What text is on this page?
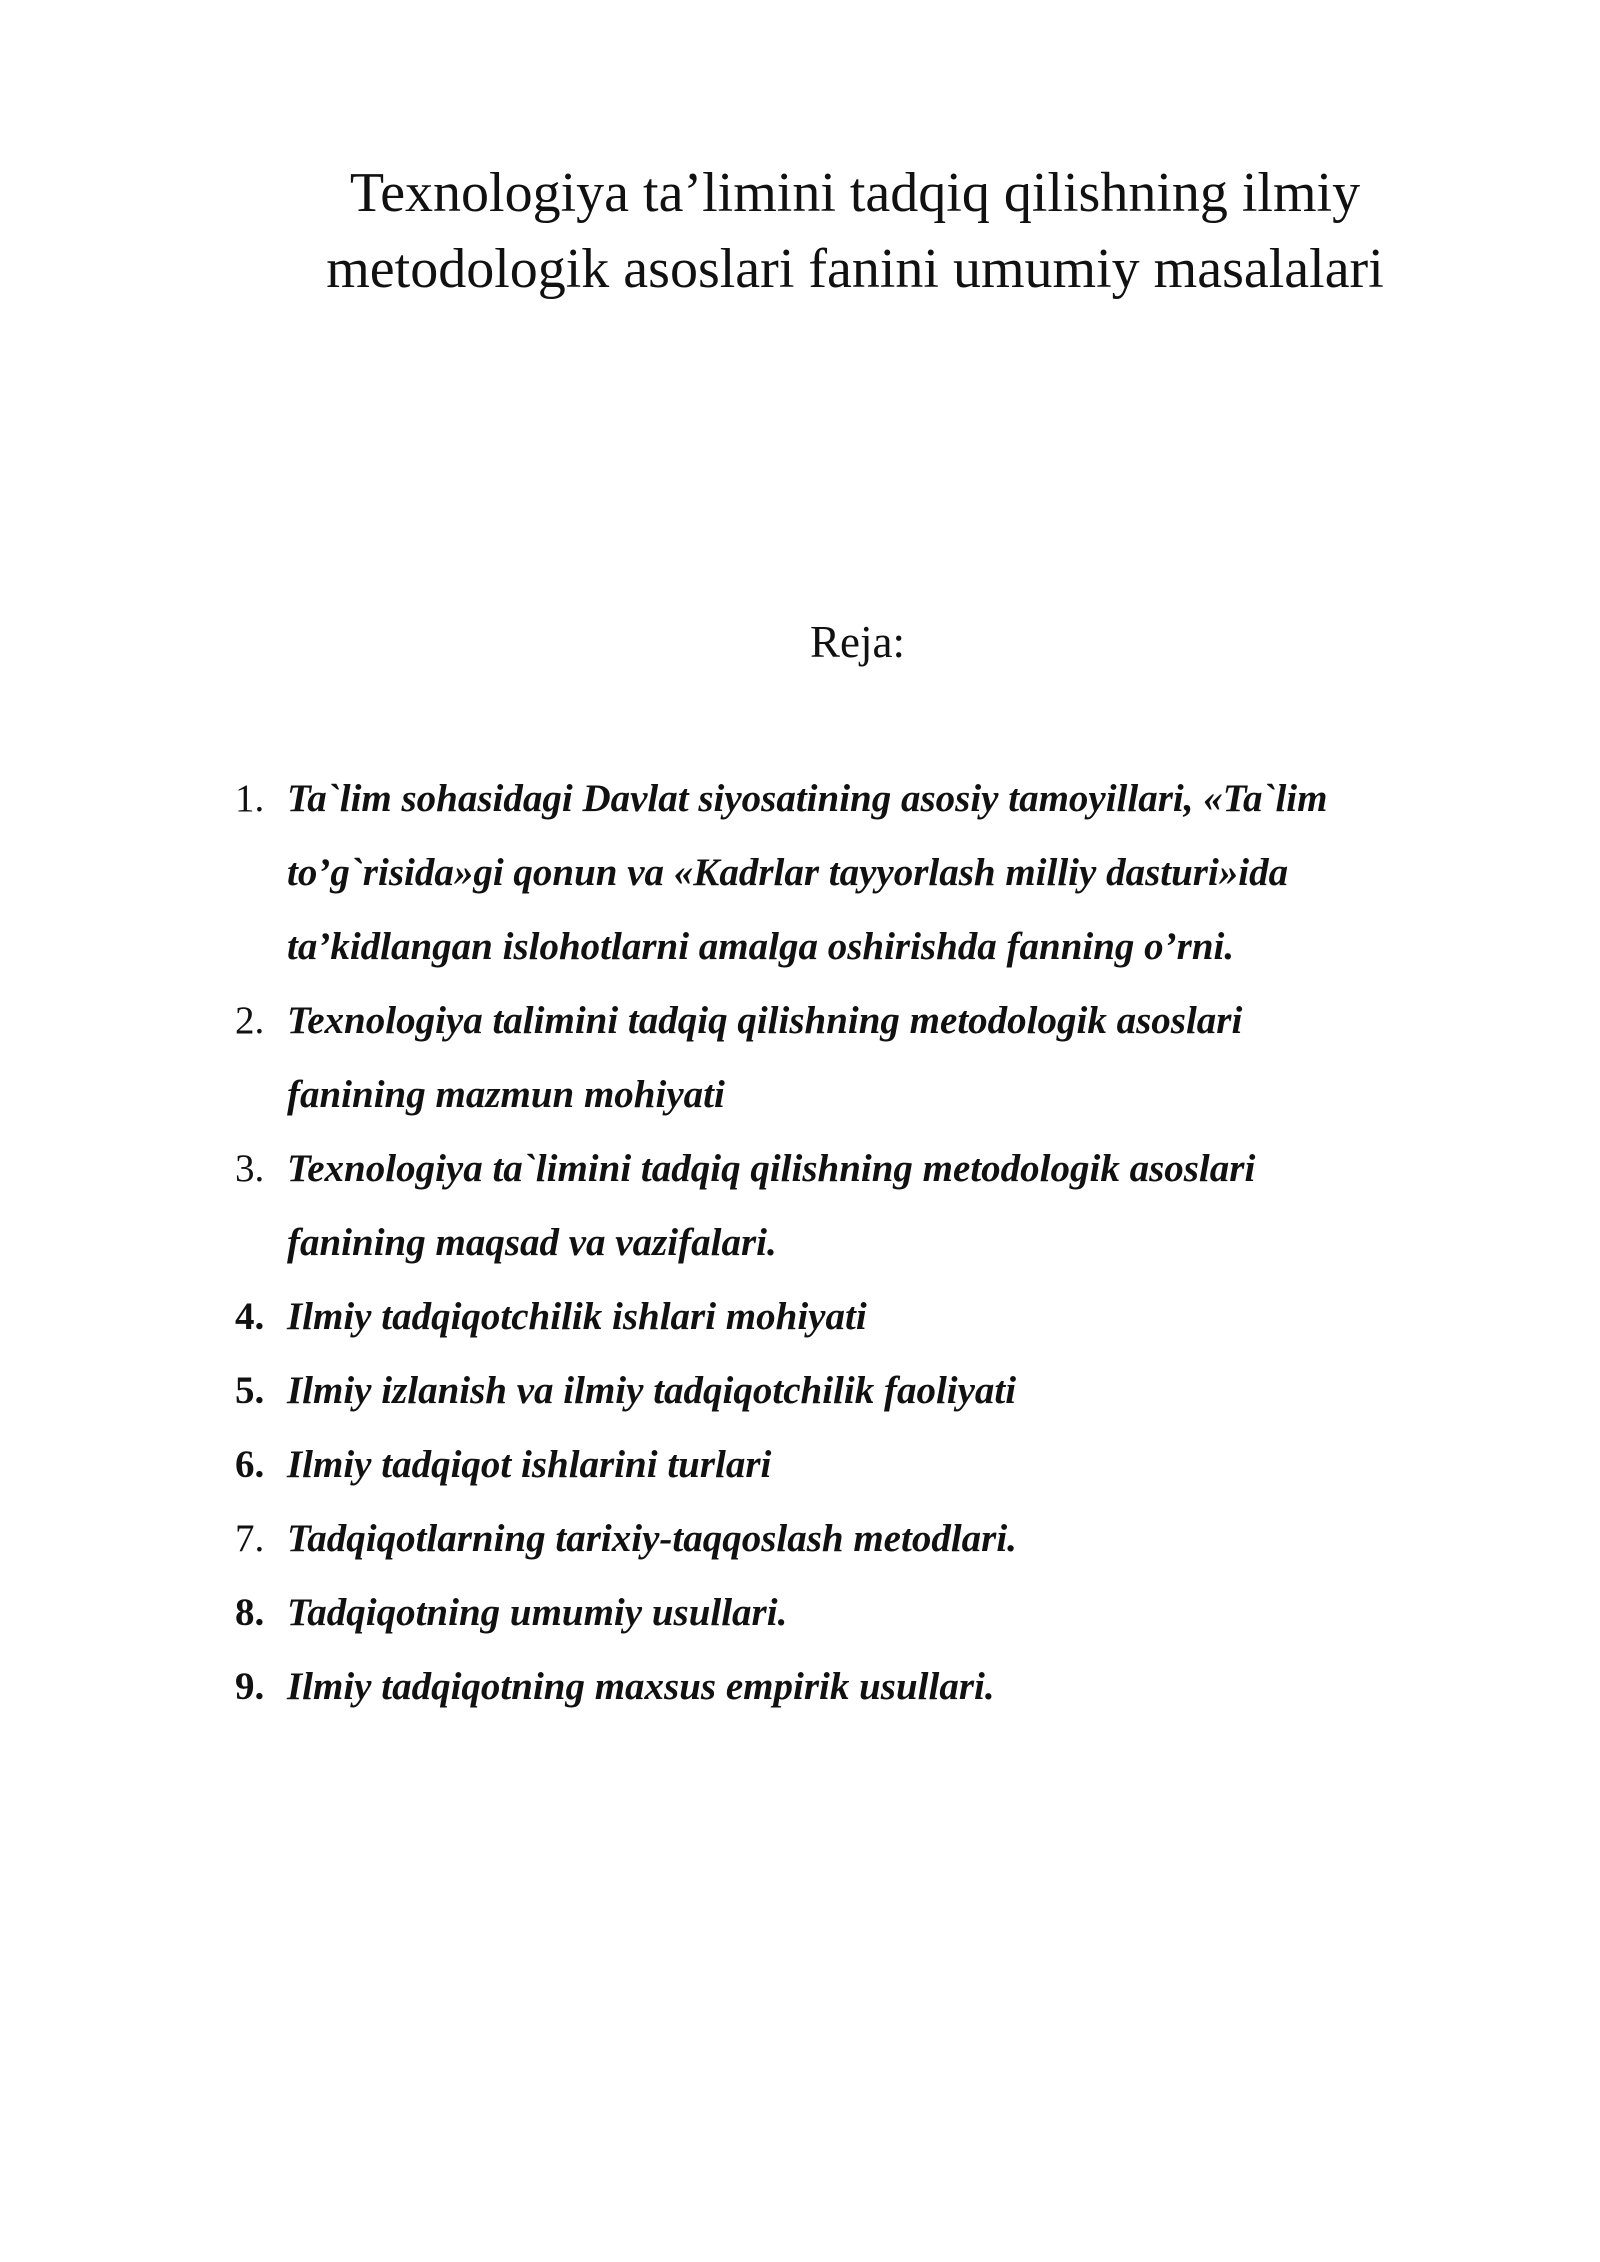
Texnologiya ta’limini tadqiq qilishning ilmiy
metodologik asoslari fanini umumiy masalalari

Reja:

1. Ta`lim sohasidagi Davlat siyosatining asosiy tamoyillari, «Ta`lim
to’g`risida»gi qonun va «Kadrlar tayyorlash milliy dasturi»ida
ta’kidlangan islohotlarni amalga oshirishda fanning o’rni.
2. Texnologiya talimini tadqiq qilishning metodologik asoslari
fanining mazmun mohiyati
3. Texnologiya ta`limini tadqiq qilishning metodologik asoslari
fanining maqsad va vazifalari.
4. Ilmiy tadqiqotchilik ishlari mohiyati
5. Ilmiy izlanish va ilmiy tadqiqotchilik faoliyati
6. Ilmiy tadqiqot ishlarini turlari
7. Tadqiqotlarning tarixiy-taqqoslash metodlari.
8. Tadqiqotning umumiy usullari.
9. Ilmiy tadqiqotning maxsus empirik usullari.
